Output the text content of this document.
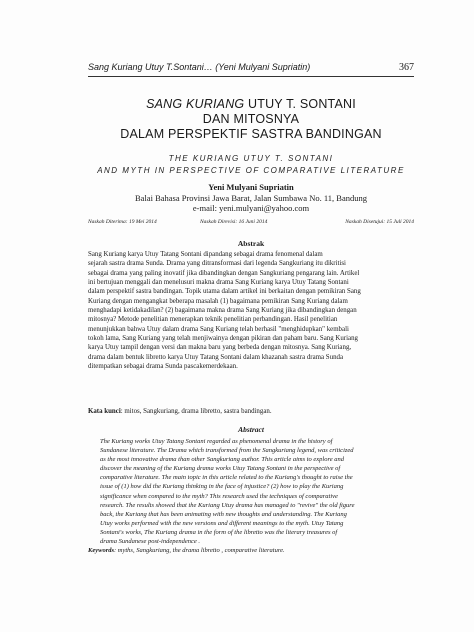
Sang Kuriang Utuy T.Sontani… (Yeni Mulyani Supriatin)	367
SANG KURIANG UTUY T. SONTANI
DAN MITOSNYA
DALAM PERSPEKTIF SASTRA BANDINGAN
THE KURIANG UTUY T. SONTANI
AND MYTH IN PERSPECTIVE OF COMPARATIVE LITERATURE
Yeni Mulyani Supriatin
Balai Bahasa Provinsi Jawa Barat, Jalan Sumbawa No. 11, Bandung
e-mail: yeni.mulyani@yahoo.com
Naskah Diterima: 19 Mei 2014	Naskah Direvisi: 16 Juni 2014	Naskah Disetujui: 15 Juli 2014
Abstrak
Sang Kuriang karya Utuy Tatang Sontani dipandang sebagai drama fenomenal dalam
sejarah sastra drama Sunda. Drama yang ditransformasi dari legenda Sangkuriang itu dikritisi
sebagai drama yang paling inovatif jika dibandingkan dengan Sangkuriang pengarang lain. Artikel
ini bertujuan menggali dan menelusuri makna drama Sang Kuriang karya Utuy Tatang Sontani
dalam perspektif sastra bandingan. Topik utama dalam artikel ini berkaitan dengan pemikiran Sang
Kuriang dengan mengangkat beberapa masalah (1) bagaimana pemikiran Sang Kuriang dalam
menghadapi ketidakadilan? (2) bagaimana makna drama Sang Kuriang jika dibandingkan dengan
mitosnya? Metode penelitian menerapkan teknik penelitian perbandingan. Hasil penelitian
menunjukkan bahwa Utuy dalam drama Sang Kuriang telah berhasil "menghidupkan" kembali
tokoh lama, Sang Kuriang yang telah menjiwainya dengan pikiran dan paham baru. Sang Kuriang
karya Utuy tampil dengan versi dan makna baru yang berbeda dengan mitosnya. Sang Kuriang,
drama dalam bentuk libretto karya Utuy Tatang Sontani dalam khazanah sastra drama Sunda
ditempatkan sebagai drama Sunda pascakemerdekaan.
Kata kunci: mitos, Sangkuriang, drama libretto, sastra bandingan.
Abstract
The Kuriang works Utuy Tatang Sontani regarded as phenomenal drama in the history of
Sundanese literature. The Drama which transformed from the Sangkuriang legend, was criticized
as the most innovative drama than other Sangkuriang author. This article aims to explore and
discover the meaning of the Kuriang drama works Utuy Tatang Sontani in the perspective of
comparative literature. The main topic in this article related to the Kuriang's thought to raise the
issue of (1) how did the Kuriang thinking in the face of injustice? (2) how to play the Kuriang
significance when compared to the myth? This research used the techniques of comparative
research. The results showed that the Kuriang Utuy drama has managed to "revive" the old figure
back, the Kuriang that has been animating with new thoughts and understanding. The Kuriang
Utuy works performed with the new versions and different meanings to the myth. Utuy Tatang
Sontani's works, The Kuriang drama in the form of the libretto was the literary treasures of
drama Sundanese post-independence .
Keywords: myths, Sangkuriang, the drama libretto , comparative literature.
